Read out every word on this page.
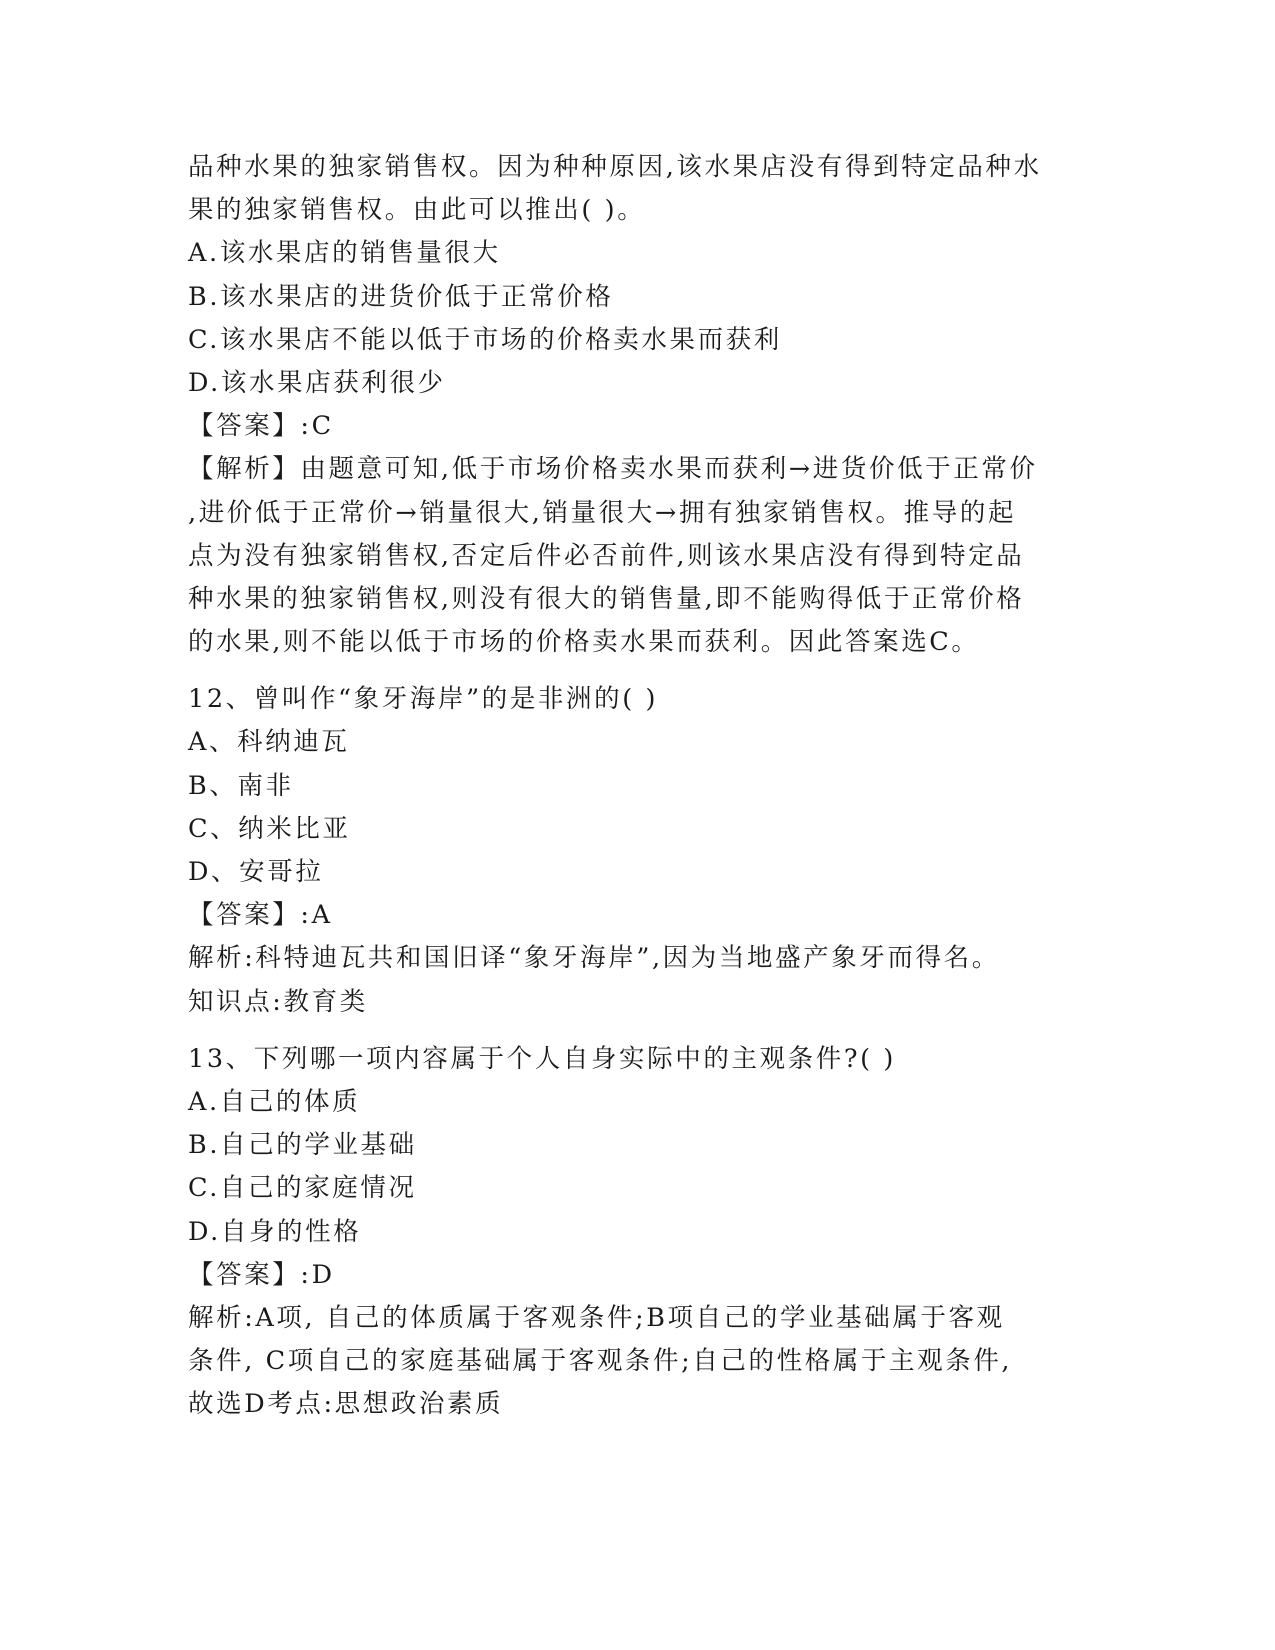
品种水果的独家销售权。因为种种原因,该水果店没有得到特定品种水
果的独家销售权。由此可以推出( )。
A.该水果店的销售量很大
B.该水果店的进货价低于正常价格
C.该水果店不能以低于市场的价格卖水果而获利
D.该水果店获利很少
【答案】:C
【解析】由题意可知,低于市场价格卖水果而获利→进货价低于正常价
,进价低于正常价→销量很大,销量很大→拥有独家销售权。推导的起
点为没有独家销售权,否定后件必否前件,则该水果店没有得到特定品
种水果的独家销售权,则没有很大的销售量,即不能购得低于正常价格
的水果,则不能以低于市场的价格卖水果而获利。因此答案选C。
12、曾叫作“象牙海岸”的是非洲的( )
A、科纳迪瓦
B、南非
C、纳米比亚
D、安哥拉
【答案】:A
解析:科特迪瓦共和国旧译“象牙海岸”,因为当地盛产象牙而得名。
知识点:教育类
13、下列哪一项内容属于个人自身实际中的主观条件?( )
A.自己的体质
B.自己的学业基础
C.自己的家庭情况
D.自身的性格
【答案】:D
解析:A项, 自己的体质属于客观条件;B项自己的学业基础属于客观
条件, C项自己的家庭基础属于客观条件;自己的性格属于主观条件,
故选D考点:思想政治素质
